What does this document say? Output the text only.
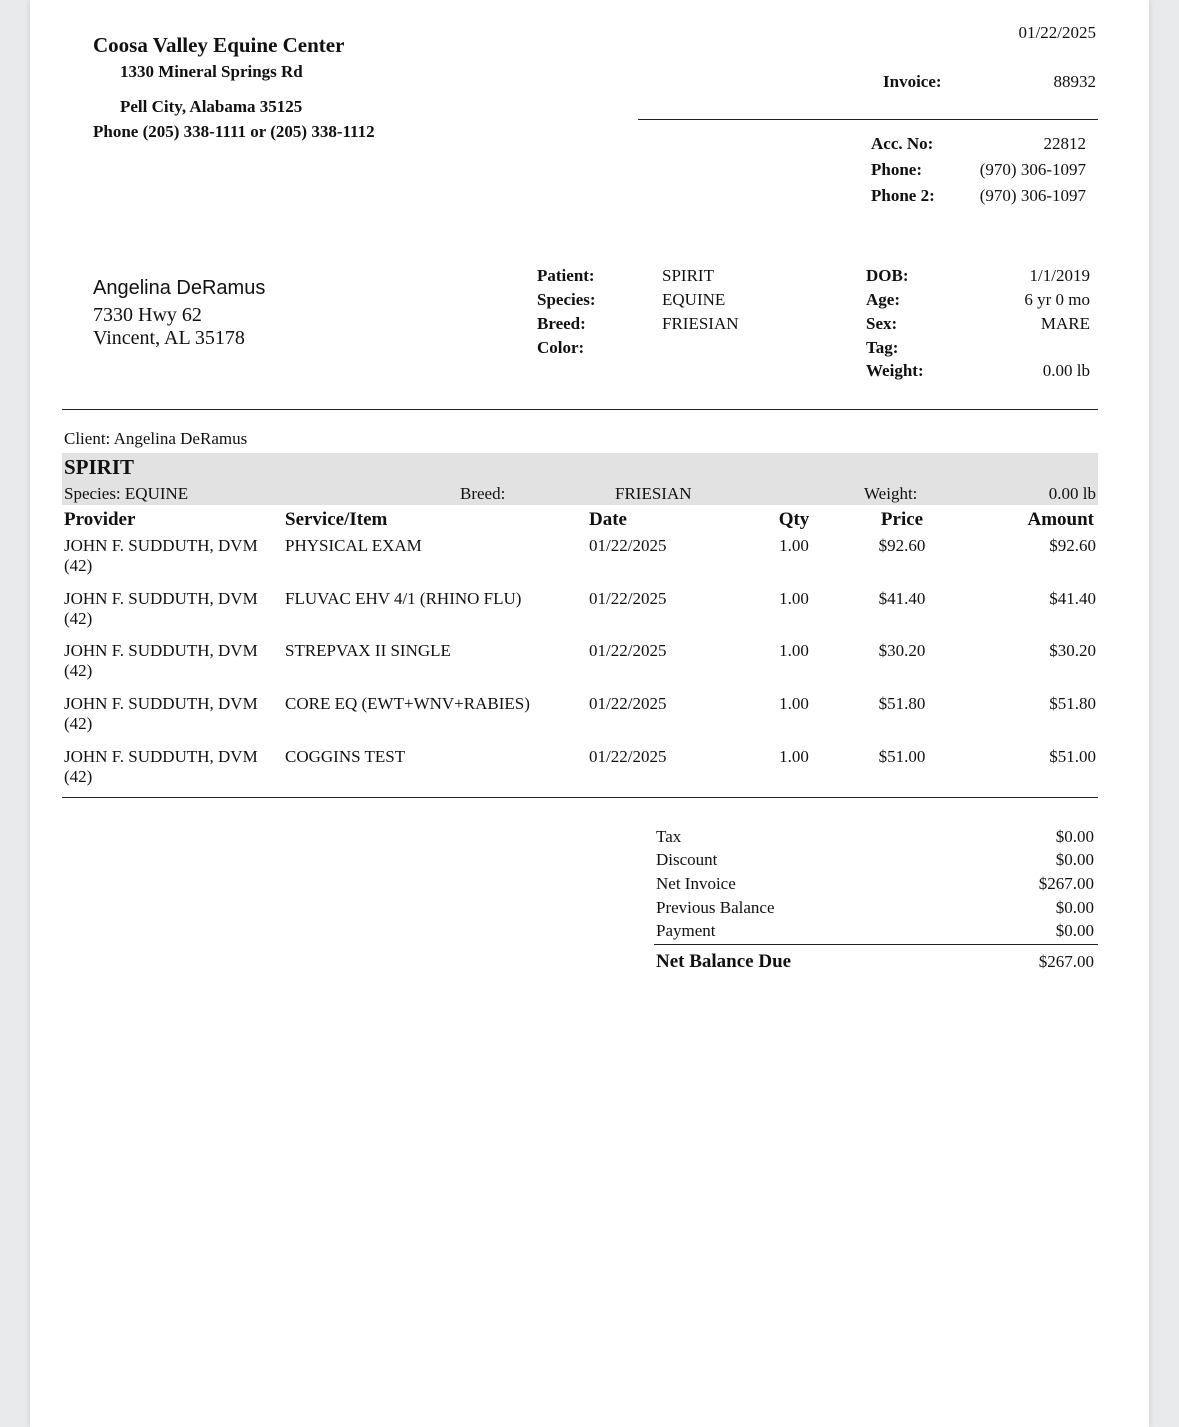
Coosa Valley Equine Center
1330 Mineral Springs Rd
Pell City, Alabama 35125
Phone (205) 338-1111 or (205) 338-1112
01/22/2025
Invoice:	88932
Acc. No:	22812
Phone:	(970) 306-1097
Phone 2:	(970) 306-1097
Angelina DeRamus
7330 Hwy 62
Vincent, AL 35178
Patient:	SPIRIT
Species:	EQUINE
Breed:	FRIESIAN
Color:
DOB:	1/1/2019
Age:	6 yr 0 mo
Sex:	MARE
Tag:
Weight:	0.00 lb
Client: Angelina DeRamus
SPIRIT
Species: EQUINE	Breed:	FRIESIAN	Weight:	0.00 lb
Provider	Service/Item	Date	Qty	Price	Amount
JOHN F. SUDDUTH, DVM
(42)
PHYSICAL EXAM	01/22/2025	1.00	$92.60	$92.60
JOHN F. SUDDUTH, DVM
(42)
FLUVAC EHV 4/1 (RHINO FLU)	01/22/2025	1.00	$41.40	$41.40
JOHN F. SUDDUTH, DVM
(42)
STREPVAX II SINGLE	01/22/2025	1.00	$30.20	$30.20
JOHN F. SUDDUTH, DVM
(42)
CORE EQ (EWT+WNV+RABIES)	01/22/2025	1.00	$51.80	$51.80
JOHN F. SUDDUTH, DVM
(42)
COGGINS TEST	01/22/2025	1.00	$51.00	$51.00
Tax	$0.00
Discount	$0.00
Net Invoice	$267.00
Previous Balance	$0.00
Payment	$0.00
Net Balance Due	$267.00
